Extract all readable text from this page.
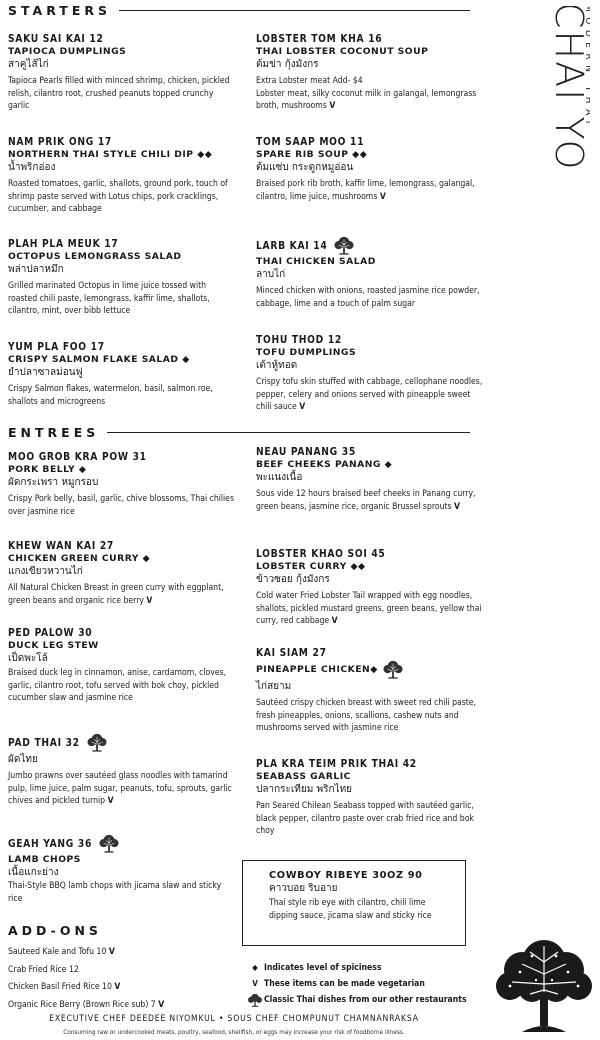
CHAI YO
MODERN THAI
STARTERS
SAKU SAI KAI 12
TAPIOCA DUMPLINGS
สาคูไส้ไก่
Tapioca Pearls filled with minced shrimp, chicken, pickled relish, cilantro root, crushed peanuts topped crunchy garlic
NAM PRIK ONG 17
NORTHERN THAI STYLE CHILI DIP ◆◆
น้ำพริกอ่อง
Roasted tomatoes, garlic, shallots, ground pork, touch of shrimp paste served with Lotus chips, pork cracklings, cucumber, and cabbage
PLAH PLA MEUK 17
OCTOPUS LEMONGRASS SALAD
พล่าปลาหมึก
Grilled marinated Octopus in lime juice tossed with roasted chili paste, lemongrass, kaffir lime, shallots, cilantro, mint, over bibb lettuce
YUM PLA FOO 17
CRISPY SALMON FLAKE SALAD ◆
ยำปลาซาลม่อนฟู
Crispy Salmon flakes, watermelon, basil, salmon roe, shallots and microgreens
LOBSTER TOM KHA 16
THAI LOBSTER COCONUT SOUP
ต้มข่า กุ้งมังกร
Extra Lobster meat Add- $4
Lobster meat, silky coconut milk in galangal, lemongrass broth, mushrooms V
TOM SAAP MOO 11
SPARE RIB SOUP ◆◆
ต้มแซ่บ กระดูกหมูอ่อน
Braised pork rib broth, kaffir lime, lemongrass, galangal, cilantro, lime juice, mushrooms V
LARB KAI 14
THAI CHICKEN SALAD
ลาบไก่
Minced chicken with onions, roasted jasmine rice powder, cabbage, lime and a touch of palm sugar
TOHU THOD 12
TOFU DUMPLINGS
เต้าหู้ทอด
Crispy tofu skin stuffed with cabbage, cellophane noodles, pepper, celery and onions served with pineapple sweet chili sauce V
ENTREES
MOO GROB KRA POW 31
PORK BELLY ◆
ผัดกระเพรา หมูกรอบ
Crispy Pork belly, basil, garlic, chive blossoms, Thai chilies over jasmine rice
KHEW WAN KAI 27
CHICKEN GREEN CURRY ◆
แกงเขียวหวานไก่
All Natural Chicken Breast in green curry with eggplant, green beans and organic rice berry V
PED PALOW 30
DUCK LEG STEW
เป็ดพะโล้
Braised duck leg in cinnamon, anise, cardamom, cloves, garlic, cilantro root, tofu served with bok choy, pickled cucumber slaw and jasmine rice
PAD THAI 32
ผัดไทย
Jumbo prawns over sautéed glass noodles with tamarind pulp, lime juice, palm sugar, peanuts, tofu, sprouts, garlic chives and pickled turnip V
GEAH YANG 36
LAMB CHOPS
เนื้อแกะย่าง
Thai-Style BBQ lamb chops with jicama slaw and sticky rice
NEAU PANANG 35
BEEF CHEEKS PANANG ◆
พะแนงเนื้อ
Sous vide 12 hours braised beef cheeks in Panang curry, green beans, jasmine rice, organic Brussel sprouts V
LOBSTER KHAO SOI 45
LOBSTER CURRY ◆◆
ข้าวซอย กุ้งมังกร
Cold water Fried Lobster Tail wrapped with egg noodles, shallots, pickled mustard greens, green beans, yellow thai curry, red cabbage V
KAI SIAM 27
PINEAPPLE CHICKEN◆
ไก่สยาม
Sautéed crispy chicken breast with sweet red chili paste, fresh pineapples, onions, scallions, cashew nuts and mushrooms served with jasmine rice
PLA KRA TEIM PRIK THAI 42
SEABASS GARLIC
ปลากระเทียม พริกไทย
Pan Seared Chilean Seabass topped with sautéed garlic, black pepper, cilantro paste over crab fried rice and bok choy
COWBOY RIBEYE 30OZ 90
คาวบอย ริบอาย
Thai style rib eye with cilantro, chili lime dipping sauce, jicama slaw and sticky rice
ADD-ONS
Sauteed Kale and Tofu 10 V
Crab Fried Rice 12
Chicken Basil Fried Rice 10 V
Organic Rice Berry (Brown Rice sub) 7 V
◆ Indicates level of spiciness
V These items can be made vegetarian
Classic Thai dishes from our other restaurants
EXECUTIVE CHEF DEEDEE NIYOMKUL • SOUS CHEF CHOMPUNUT CHAMNANRAKSA
Consuming raw or undercooked meats, poultry, seafood, shellfish, or eggs may increase your risk of foodborne illness.
